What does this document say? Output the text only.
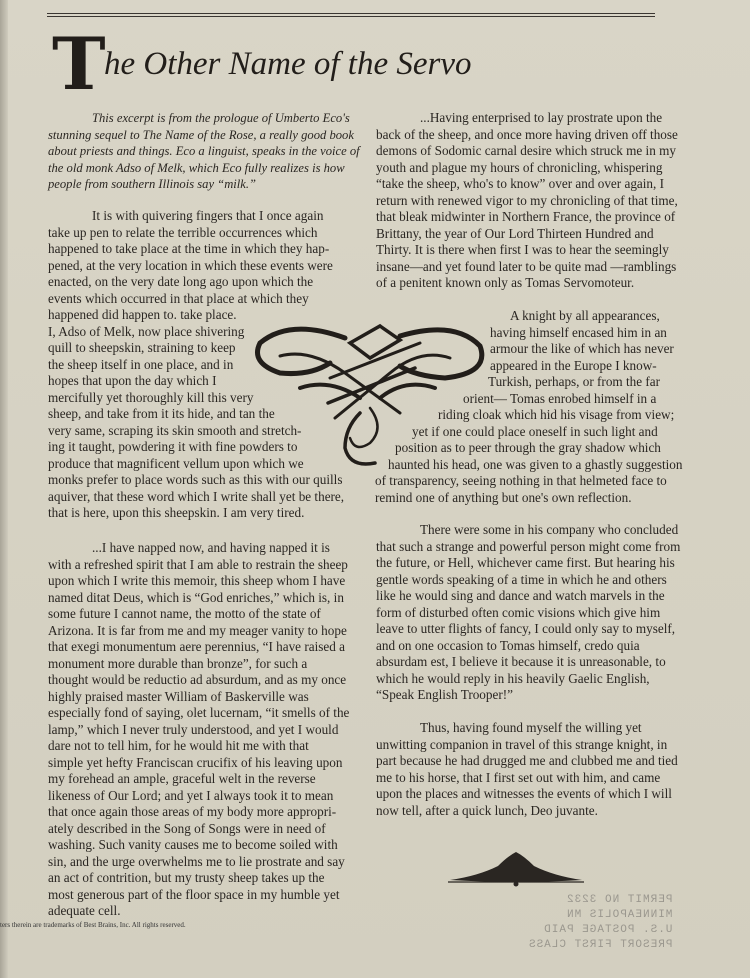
T
he Other Name of the Servo
This excerpt is from the prologue of Umberto Eco's
stunning sequel to The Name of the Rose, a really good book
about priests and things. Eco a linguist, speaks in the voice of
the old monk Adso of Melk, which Eco fully realizes is how
people from southern Illinois say “milk.”
It is with quivering fingers that I once again
take up pen to relate the terrible occurrences which
happened to take place at the time in which they hap-
pened, at the very location in which these events were
enacted, on the very date long ago upon which the
events which occurred in that place at which they
happened did happen to. take place.
I, Adso of Melk, now place shivering
quill to sheepskin, straining to keep
the sheep itself in one place, and in
hopes that upon the day which I
mercifully yet thoroughly kill this very
sheep, and take from it its hide, and tan the
very same, scraping its skin smooth and stretch-
ing it taught, powdering it with fine powders to
produce that magnificent vellum upon which we
monks prefer to place words such as this with our quills
aquiver, that these word which I write shall yet be there,
that is here, upon this sheepskin. I am very tired.
...I have napped now, and having napped it is
with a refreshed spirit that I am able to restrain the sheep
upon which I write this memoir, this sheep whom I have
named ditat Deus, which is “God enriches,” which is, in
some future I cannot name, the motto of the state of
Arizona. It is far from me and my meager vanity to hope
that exegi monumentum aere perennius, “I have raised a
monument more durable than bronze”, for such a
thought would be reductio ad absurdum, and as my once
highly praised master William of Baskerville was
especially fond of saying, olet lucernam, “it smells of the
lamp,” which I never truly understood, and yet I would
dare not to tell him, for he would hit me with that
simple yet hefty Franciscan crucifix of his leaving upon
my forehead an ample, graceful welt in the reverse
likeness of Our Lord; and yet I always took it to mean
that once again those areas of my body more appropri-
ately described in the Song of Songs were in need of
washing. Such vanity causes me to become soiled with
sin, and the urge overwhelms me to lie prostrate and say
an act of contrition, but my trusty sheep takes up the
most generous part of the floor space in my humble yet
adequate cell.
...Having enterprised to lay prostrate upon the
back of the sheep, and once more having driven off those
demons of Sodomic carnal desire which struck me in my
youth and plague my hours of chronicling, whispering
“take the sheep, who's to know” over and over again, I
return with renewed vigor to my chronicling of that time,
that bleak midwinter in Northern France, the province of
Brittany, the year of Our Lord Thirteen Hundred and
Thirty. It is there when first I was to hear the seemingly
insane—and yet found later to be quite mad —ramblings
of a penitent known only as Tomas Servomoteur.
A knight by all appearances,
having himself encased him in an
armour the like of which has never
appeared in the Europe I know-
Turkish, perhaps, or from the far
orient— Tomas enrobed himself in a
riding cloak which hid his visage from view;
yet if one could place oneself in such light and
position as to peer through the gray shadow which
haunted his head, one was given to a ghastly suggestion
of transparency, seeing nothing in that helmeted face to
remind one of anything but one's own reflection.
There were some in his company who concluded
that such a strange and powerful person might come from
the future, or Hell, whichever came first. But hearing his
gentle words speaking of a time in which he and others
like he would sing and dance and watch marvels in the
form of disturbed often comic visions which give him
leave to utter flights of fancy, I could only say to myself,
and on one occasion to Tomas himself, credo quia
absurdam est, I believe it because it is unreasonable, to
which he would reply in his heavily Gaelic English,
“Speak English Trooper!”
Thus, having found myself the willing yet
unwitting companion in travel of this strange knight, in
part because he had drugged me and clubbed me and tied
me to his horse, that I first set out with him, and came
upon the places and witnesses the events of which I will
now tell, after a quick lunch, Deo juvante.
ters therein are trademarks of Best Brains, Inc. All rights reserved.
PERMIT NO 3232
MINNEAPOLIS MN
U.S. POSTAGE PAID
PRESORT FIRST CLASS
